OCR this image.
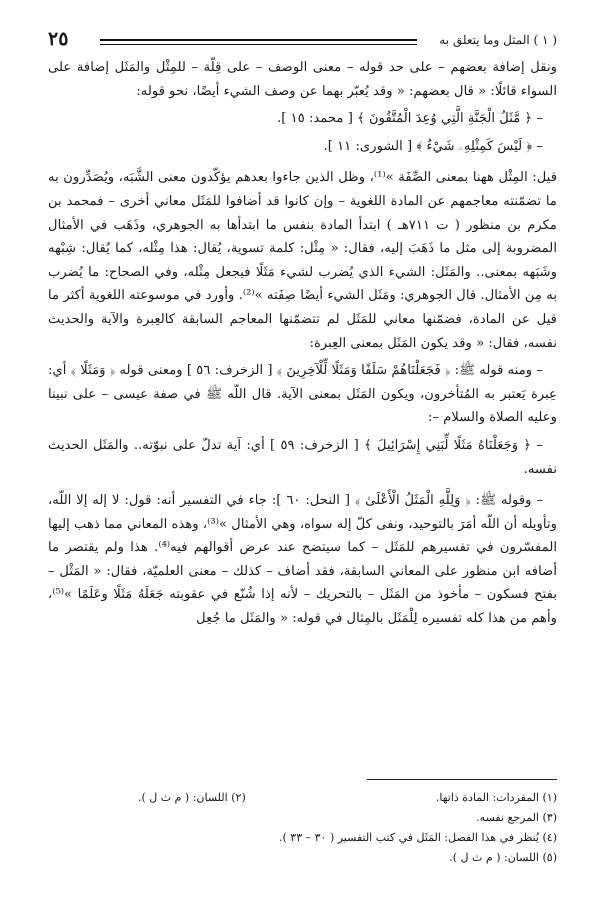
( ١ ) المثل وما يتعلق به
٢٥

ونقل إضافة بعضهم – على حد قوله – معنى الوصف – على قِلّة – للمِثْل والمَثَل إضافة على السواء قائلًا: « قال بعضهم: « وقد يُعبّر بهما عن وصف الشيء أيضًا، نحو قوله:

– ﴿ مَّثَلُ الْجَنَّةِ الَّتِي وُعِدَ الْمُتَّقُونَ ﴾ [ محمد: ١٥ ].

– ﴿ لَيْسَ كَمِثْلِهِۦ شَيْءٌ ﴾ [ الشورى: ١١ ].

قيل: المِثْل ههنا بمعنى الصِّفَة »⁽¹⁾، وظل الذين جاءوا بعدهم يؤكّدون معنى الشَّبَه، ويُصَدِّرون به ما تضمّنته معاجمهم عن المادة اللغوية – وإن كانوا قد أضافوا للمَثَل معاني أخرى – فمحمد بن مكرم بن منظور ( ت ٧١١هـ ) ابتدأ المادة بنفس ما ابتدأها به الجوهري، وذَهَب في الأمثال المضروبة إلى مثل ما ذَهَبَ إليه، فقال: « مِثْل: كلمة تسوية، يُقال: هذا مِثْله، كما يُقال: شِبْهه وشَبَهه بمعنى.. والمَثَل: الشيء الذي يُضرب لشيء مَثَلًا فيجعل مِثْله، وفي الصحاح: ما يُضرب به مِن الأمثال. قال الجوهري: ومَثَل الشيء أيضًا صِفَته »⁽²⁾. وأورد في موسوعته اللغوية أكثر ما قيل عن المادة، فضمّنها معاني للمَثَل لم تتضمّنها المعاجم السابقة كالعِبرة والآية والحديث نفسه، فقال: « وقد يكون المَثَل بمعنى العِبرة:

– ومنه قوله ﷺ: ﴿ فَجَعَلْنَاهُمْ سَلَفًا وَمَثَلًا لِّلْآخِرِينَ ﴾ [ الزخرف: ٥٦ ] ومعنى قوله ﴿ وَمَثَلًا ﴾ أي: عِبرة يَعتبر به المُتأخرون، ويكون المَثَل بمعنى الآية. قال اللّه ﷺ في صفة عيسى – على نبينا وعليه الصلاة والسلام –:

– ﴿ وَجَعَلْنَاهُ مَثَلًا لِّبَنِي إِسْرَائِيلَ ﴾ [ الزخرف: ٥٩ ] أي: آية تدلّ على نبوّته.. والمَثَل الحديث نفسه.

– وقوله ﷺ: ﴿ وَلِلَّهِ الْمَثَلُ الْأَعْلَىٰ ﴾ [ النحل: ٦٠ ]: جاء في التفسير أنه: قول: لا إله إلا اللّه، وتأويله أن اللّه أمَرَ بالتوحيد، ونفى كلّ إله سواه، وهي الأمثال »⁽³⁾، وهذه المعاني مما ذهب إليها المفسّرون في تفسيرهم للمَثَل – كما سيتضح عند عرض أقوالهم فيه⁽⁴⁾. هذا ولم يقتصر ما أضافه ابن منظور على المعاني السابقة، فقد أضاف – كذلك – معنى العلميّة، فقال: « المَثْل – بفتح فسكون – مأخوذ من المَثَل – بالتحريك – لأنه إذا شُنّع في عقوبته جَعَلَهُ مَثَلًا وعَلَمًا »⁽⁵⁾، وأهم من هذا كله تفسيره لِلْمَثَل بالمِثال في قوله: « والمَثَل ما جُعِل

(١) المفردات: المادة ذاتها.
(٢) اللسان: ( م ث ل ).
(٣) المرجع نفسه.
(٤) يُنظر في هذا الفصل: المَثَل في كتب التفسير ( ٣٠ – ٣٣ ).
(٥) اللسان: ( م ث ل ).
